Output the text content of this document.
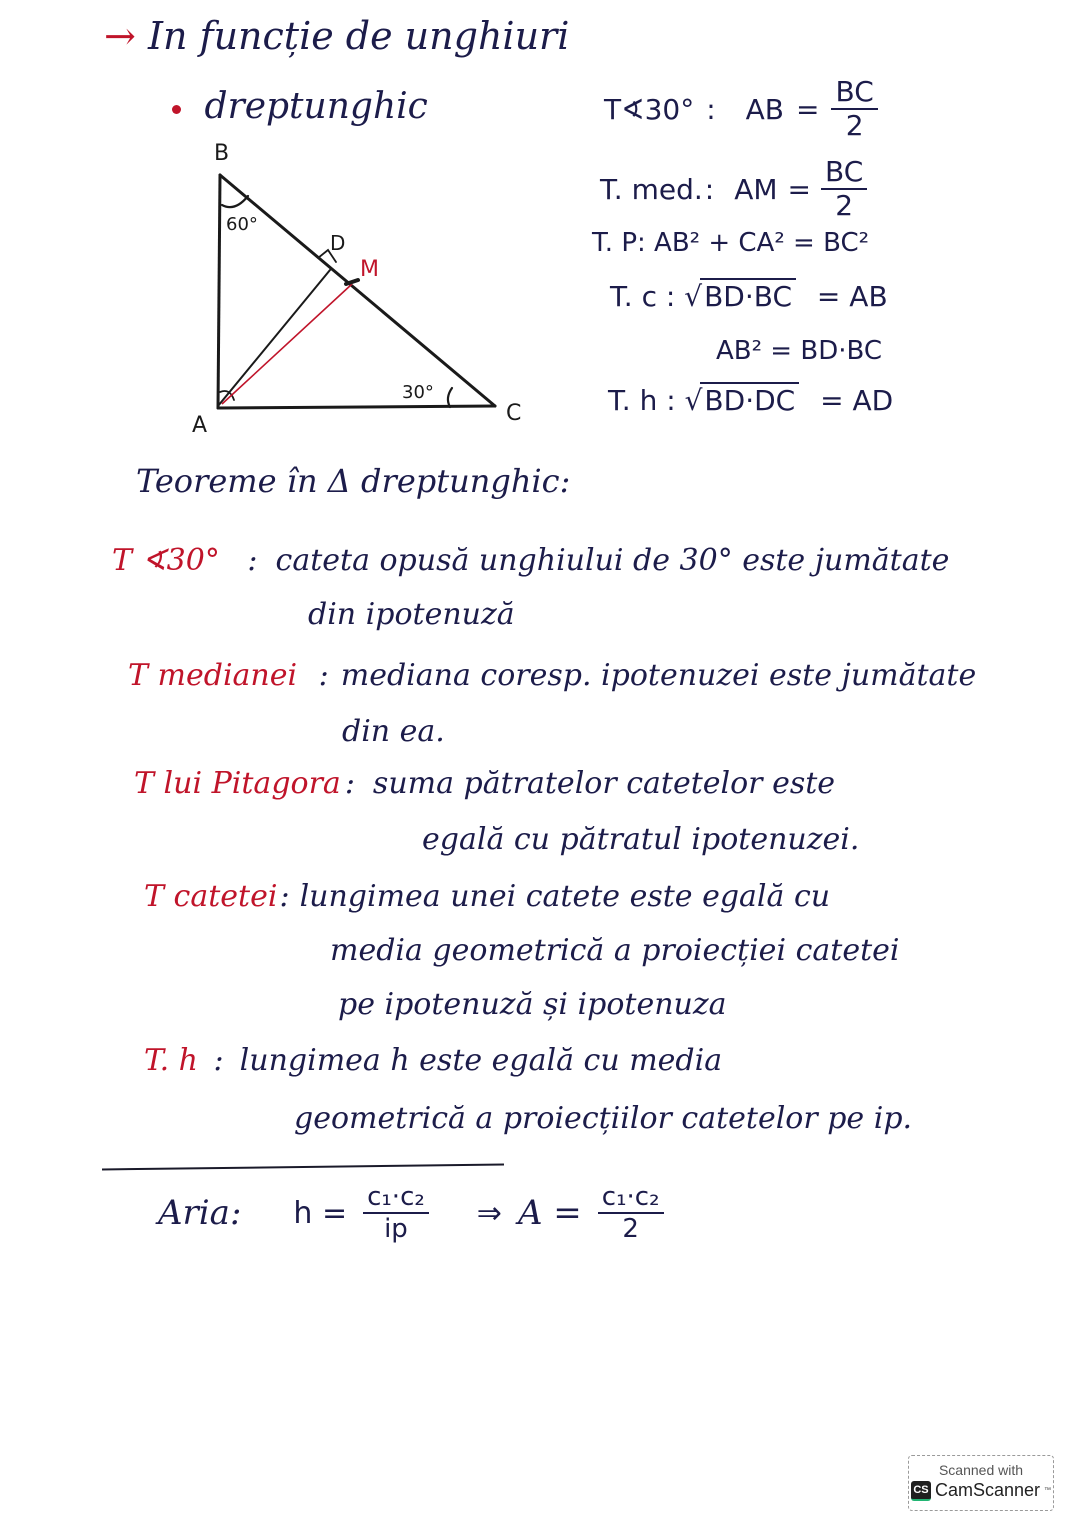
→ In funcție de unghiuri
dreptunghic
B
A	C
D
M
60°
30°
T∢30° : AB = $\frac{BC}{2}$
T. med. : AM = $\frac{BC}{2}$
T. P: AB² + CA² = BC²
T. c : √BD·BC = AB
AB² = BD·BC
T. h : √BD·DC = AD
Teoreme în Δ dreptunghic:
T ∢30° : cateta opusă unghiului de 30° este jumătate
din ipotenuză
T medianei : mediana coresp. ipotenuzei este jumătate
din ea.
T lui Pitagora : suma pătratelor catetelor este
egală cu pătratul ipotenuzei.
T catetei: lungimea unei catete este egală cu
media geometrică a proiecției catetei
pe ipotenuză și ipotenuza
T. h : lungimea h este egală cu media
geometrică a proiecțiilor catetelor pe ip.
Aria: $h = \frac{\text{c₁·c₂}}{ip}$ ⇒ $A = \frac{\text{c₁·c₂}}{2}$
Scanned with
CS CamScanner ™
